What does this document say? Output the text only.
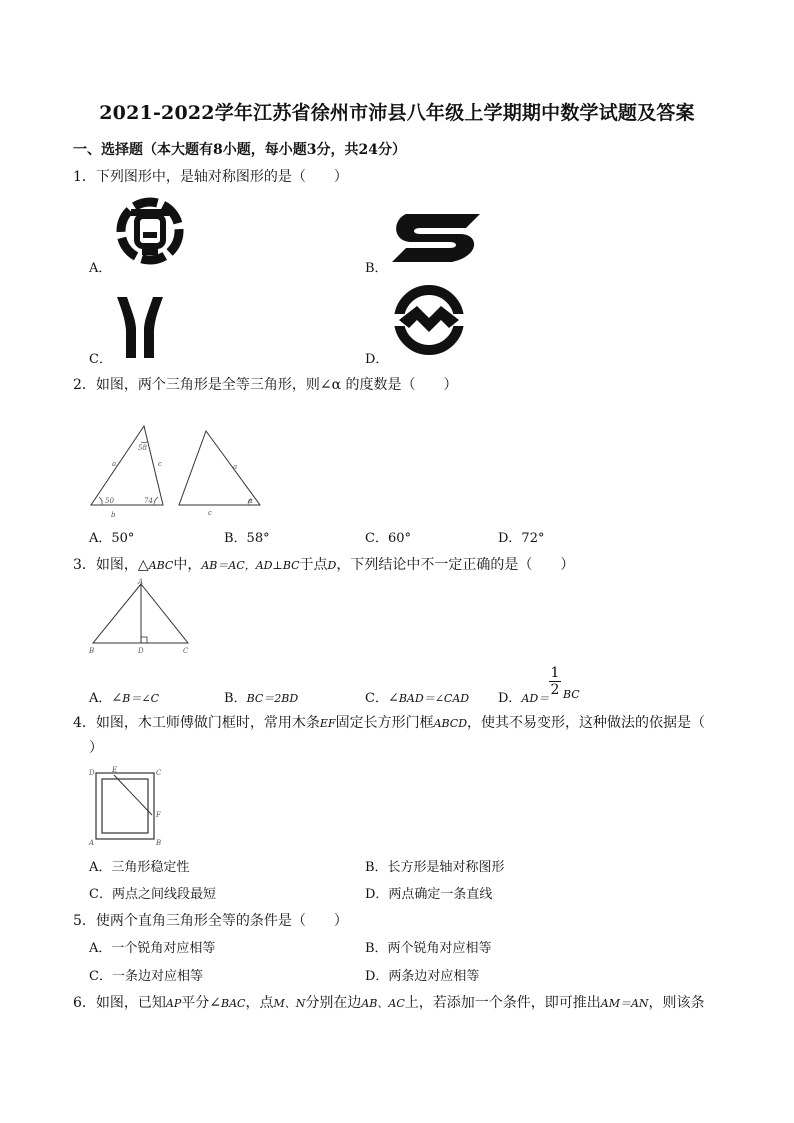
2021-2022学年江苏省徐州市沛县八年级上学期期中数学试题及答案
一、选择题（本大题有8小题，每小题3分，共24分）
1．下列图形中，是轴对称图形的是（　　）
A．	B．
C．	D．
2．如图，两个三角形是全等三角形，则∠α 的度数是（　　）
a
b
c
58
50	74	α
a
c
A．50°	B．58°	C．60°	D．72°
3．如图，△ABC中，AB＝AC，AD⊥BC于点D，下列结论中不一定正确的是（　　）
A
B	D	C
A．∠B＝∠C	B．BC＝2BD	C．∠BAD＝∠CAD D．AD＝
1
2 BC
4．如图，木工师傅做门框时，常用木条EF固定长方形门框ABCD，使其不易变形，这种做法的依据是（
）
D E	C
F
A	B
A．三角形稳定性	B．长方形是轴对称图形
C．两点之间线段最短	D．两点确定一条直线
5．使两个直角三角形全等的条件是（　　）
A．一个锐角对应相等	B．两个锐角对应相等
C．一条边对应相等	D．两条边对应相等
6．如图，已知AP平分∠BAC，点M、N分别在边AB、AC上，若添加一个条件，即可推出AM＝AN，则该条
